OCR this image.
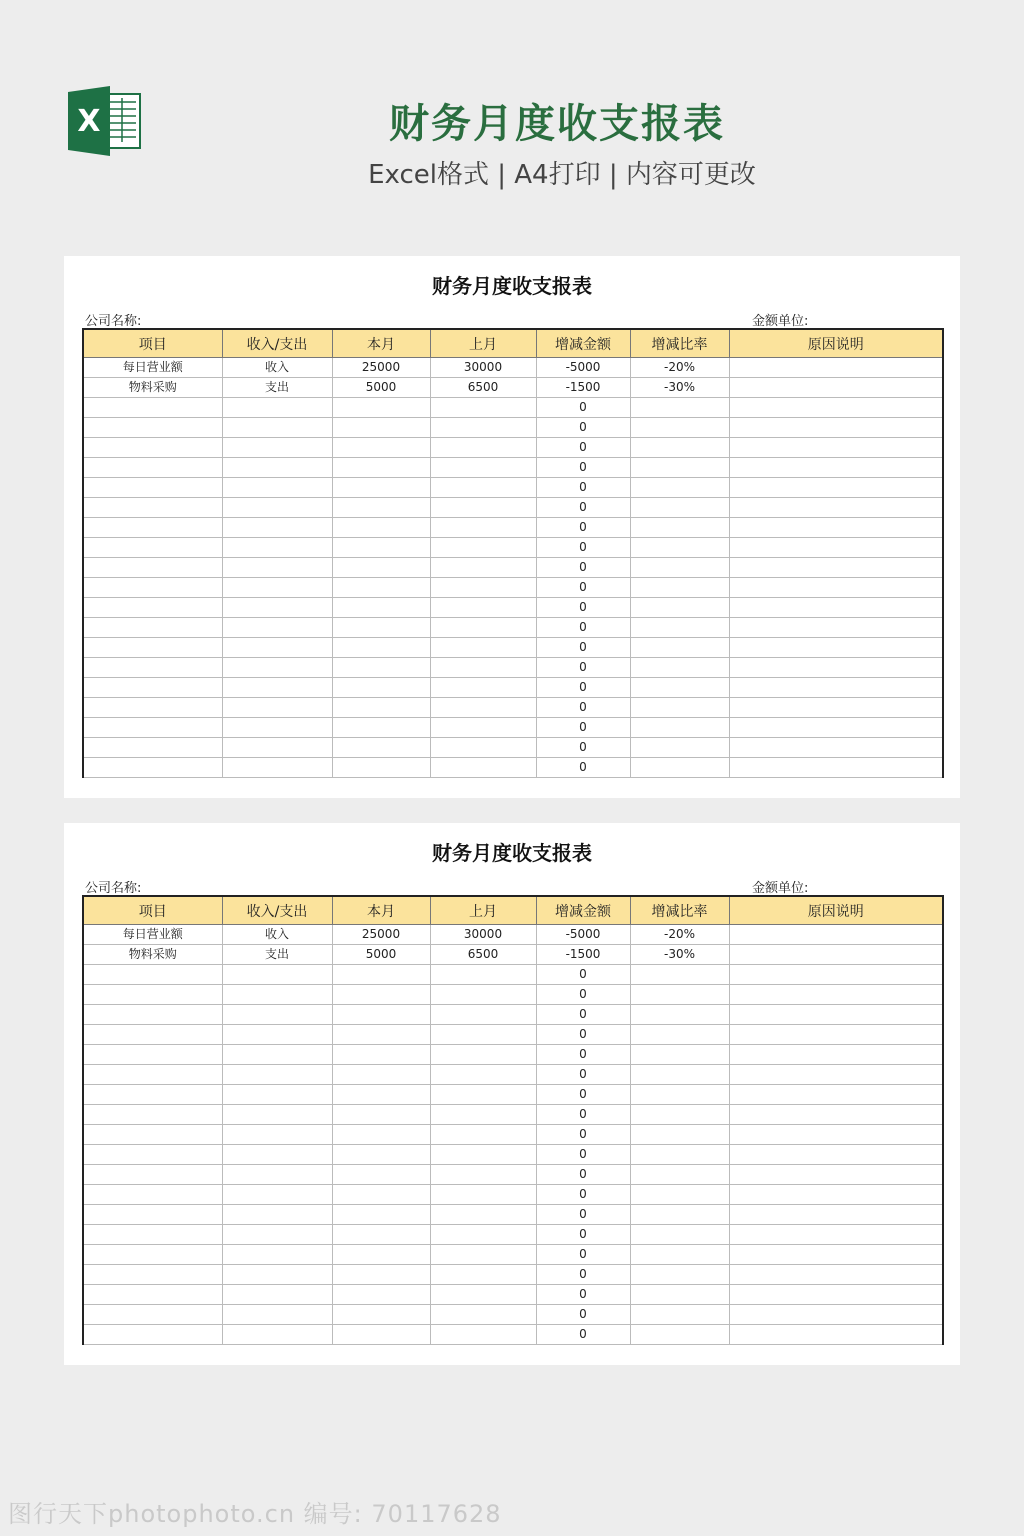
X	财务月度收支报表
Excel格式 | A4打印 | 内容可更改
财务月度收支报表
公司名称:	金额单位:
项目	收入/支出	本月	上月	增减金额	增减比率	原因说明
每日营业额	收入	25000	30000	-5000	-20%	
物料采购	支出	5000	6500	-1500	-30%	
				0		
				0		
				0		
				0		
				0		
				0		
				0		
				0		
				0		
				0		
				0		
				0		
				0		
				0		
				0		
				0		
				0		
				0		
				0		
财务月度收支报表
公司名称:	金额单位:
项目	收入/支出	本月	上月	增减金额	增减比率	原因说明
每日营业额	收入	25000	30000	-5000	-20%	
物料采购	支出	5000	6500	-1500	-30%	
				0		
				0		
				0		
				0		
				0		
				0		
				0		
				0		
				0		
				0		
				0		
				0		
				0		
				0		
				0		
				0		
				0		
				0		
				0		
图行天下photophoto.cn 编号: 70117628
